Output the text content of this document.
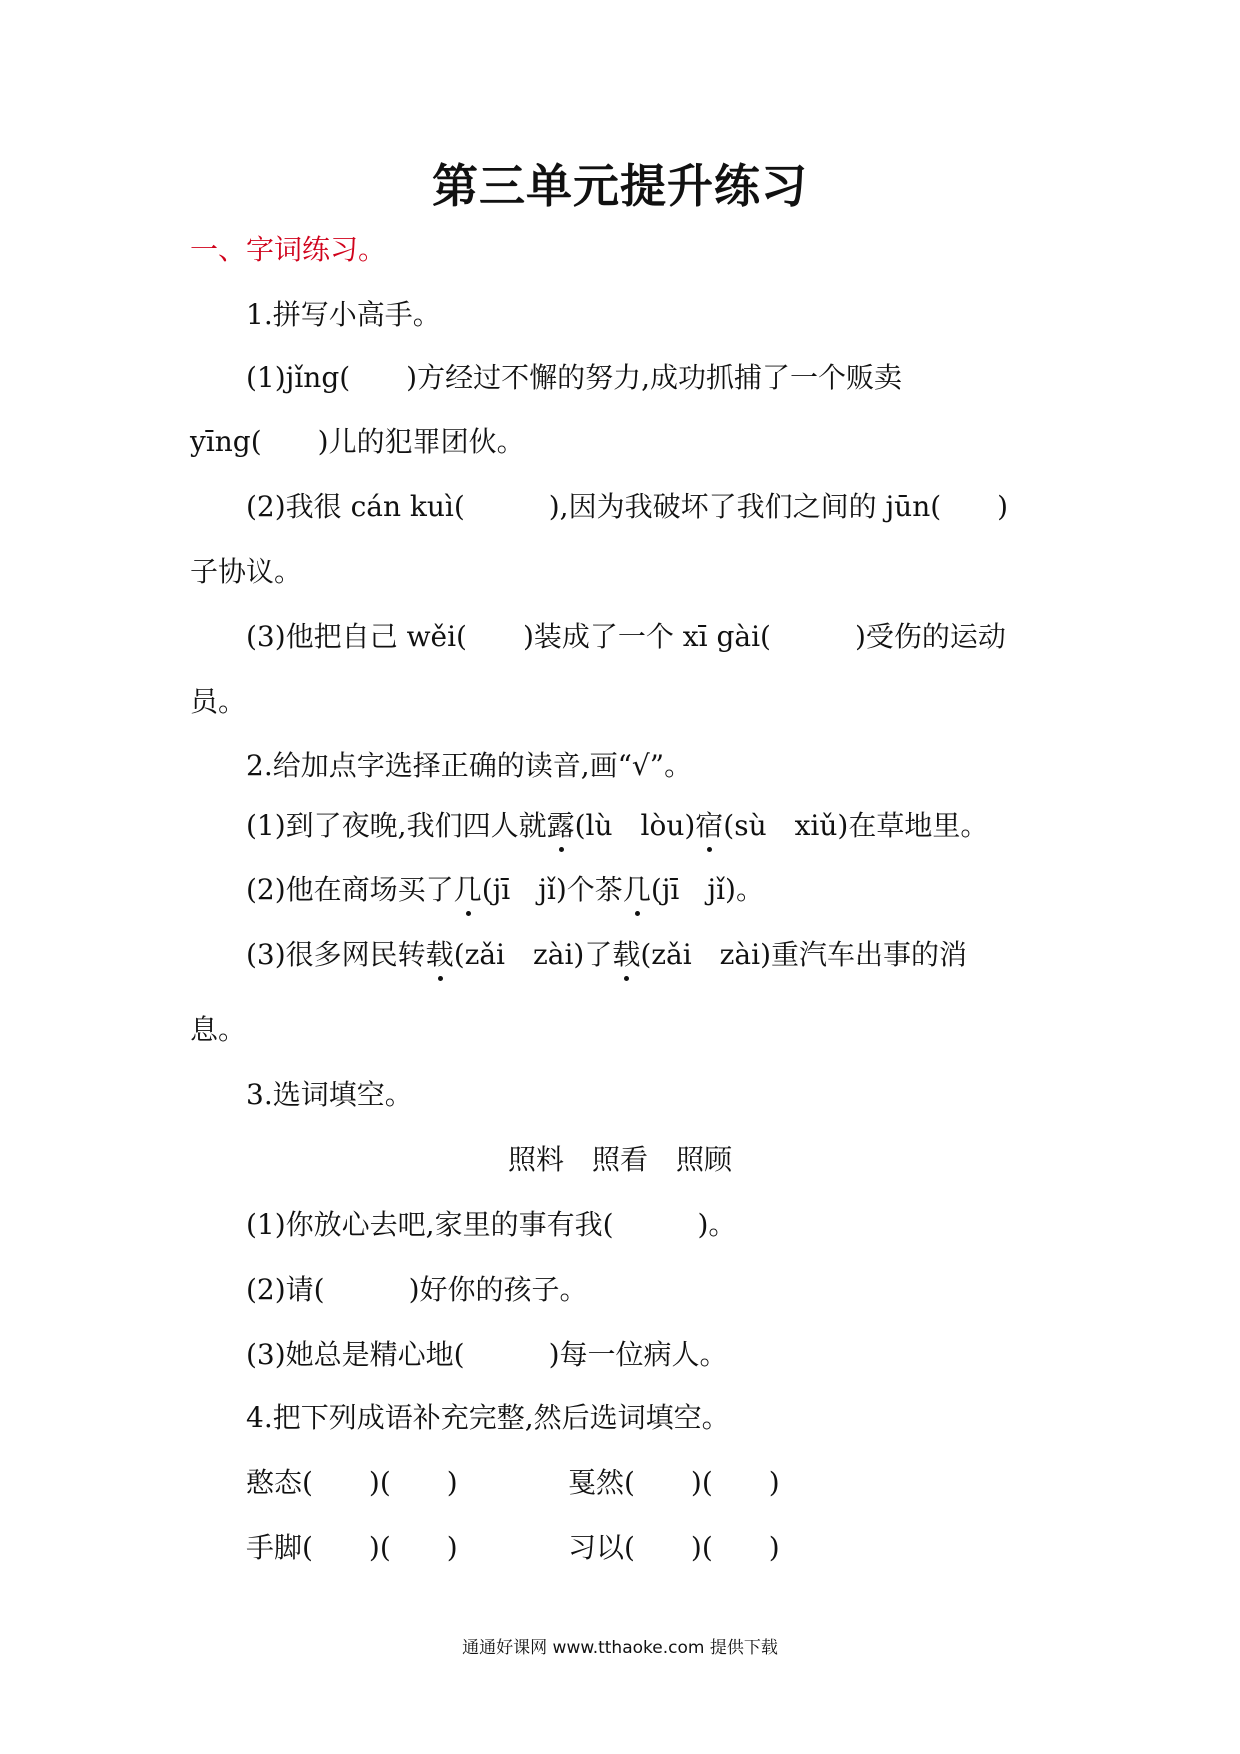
第三单元提升练习
一、字词练习。
1.拼写小高手。
(1)jǐng(　　)方经过不懈的努力,成功抓捕了一个贩卖
yīng(　　)儿的犯罪团伙。
(2)我很 cán kuì(　　　),因为我破坏了我们之间的 jūn(　　)
子协议。
(3)他把自己 wěi(　　)装成了一个 xī gài(　　　)受伤的运动
员。
2.给加点字选择正确的读音,画“√”。
(1)到了夜晚,我们四人就露(lù　lòu)宿(sù　xiǔ)在草地里。
(2)他在商场买了几(jī　jǐ)个茶几(jī　jǐ)。
(3)很多网民转载(zǎi　zài)了载(zǎi　zài)重汽车出事的消
息。
3.选词填空。
照料　照看　照顾
(1)你放心去吧,家里的事有我(　　　)。
(2)请(　　　)好你的孩子。
(3)她总是精心地(　　　)每一位病人。
4.把下列成语补充完整,然后选词填空。
憨态(　　)(　　)	戛然(　　)(　　)
手脚(　　)(　　)	习以(　　)(　　)
通通好课网 www.tthaoke.com 提供下载
